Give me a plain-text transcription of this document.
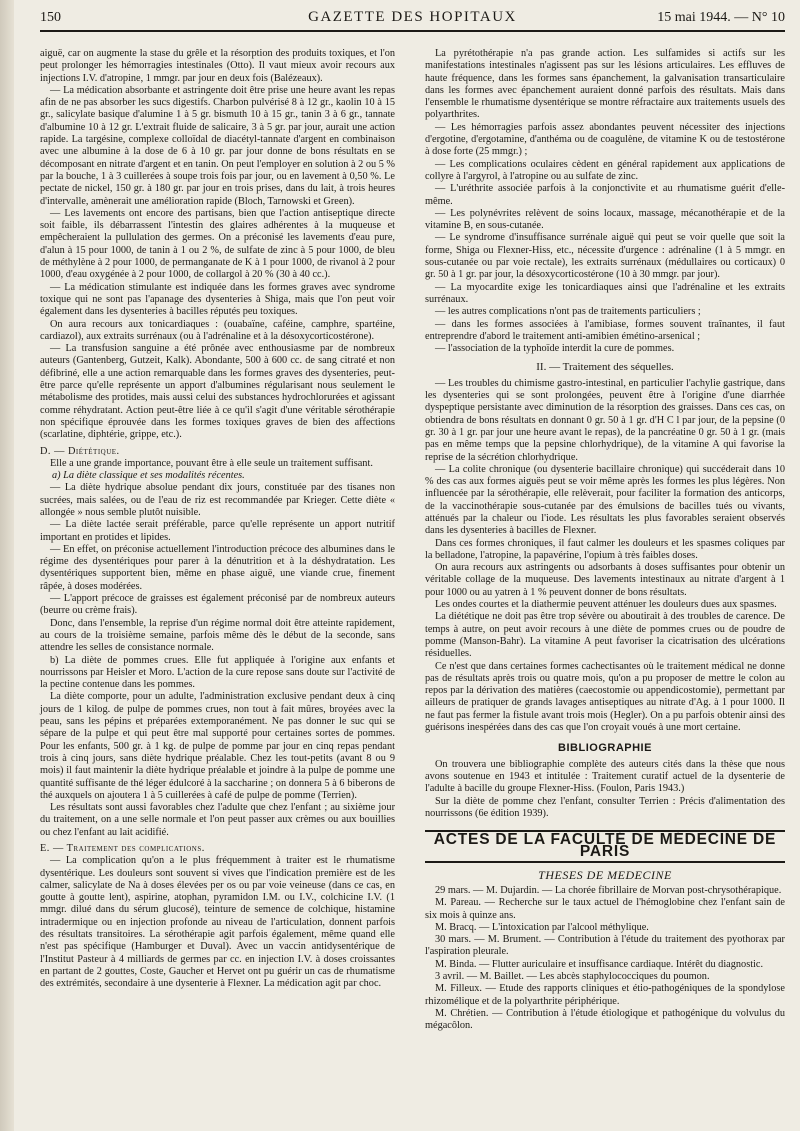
150	GAZETTE DES HOPITAUX	15 mai 1944. — N° 10

aiguë, car on augmente la stase du grêle et la résorption des produits toxiques, et l'on peut prolonger les hémorragies intestinales (Otto). Il vaut mieux avoir recours aux injections I.V. d'atropine, 1 mmgr. par jour en deux fois (Balézeaux).

— La médication absorbante et astringente doit être prise une heure avant les repas afin de ne pas absorber les sucs digestifs. Charbon pulvérisé 8 à 12 gr., kaolin 10 à 15 gr., salicylate basique d'alumine 1 à 5 gr. bismuth 10 à 15 gr., tanin 3 à 6 gr., tannate d'albumine 10 à 12 gr. L'extrait fluide de salicaire, 3 à 5 gr. par jour, aurait une action rapide. La targésine, complexe colloïdal de diacétyl-tannate d'argent en combinaison avec une albumine à la dose de 6 à 10 gr. par jour donne de bons résultats en se décomposant en nitrate d'argent et en tanin. On peut l'employer en solution à 2 ou 5 % par la bouche, 1 à 3 cuillerées à soupe trois fois par jour, ou en lavement à 0,50 %. Le pectate de nickel, 150 gr. à 180 gr. par jour en trois prises, dans du lait, à trois heures d'intervalle, amènerait une amélioration rapide (Bloch, Tarnowski et Green).

— Les lavements ont encore des partisans, bien que l'action antiseptique directe soit faible, ils débarrassent l'intestin des glaires adhérentes à la muqueuse et empêcheraient la pullulation des germes. On a préconisé les lavements d'eau pure, d'alun à 15 pour 1000, de tanin à 1 ou 2 %, de sulfate de zinc à 5 pour 1000, de bleu de méthylène à 2 pour 1000, de permanganate de K à 1 pour 1000, de rivanol à 2 pour 1000, d'eau oxygénée à 2 pour 1000, de collargol à 20 % (30 à 40 cc.).

— La médication stimulante est indiquée dans les formes graves avec syndrome toxique qui ne sont pas l'apanage des dysenteries à Shiga, mais que l'on peut voir également dans les dysenteries à bacilles réputés peu toxiques.

On aura recours aux tonicardiaques : (ouabaïne, caféine, camphre, spartéine, cardiazol), aux extraits surrénaux (ou à l'adrénaline et à la désoxycorticostérone).

— La transfusion sanguine a été prônée avec enthousiasme par de nombreux auteurs (Gantenberg, Gutzeit, Kalk). Abondante, 500 à 600 cc. de sang citraté et non défibriné, elle a une action remarquable dans les formes graves des dysenteries, peut-être parce qu'elle représente un apport d'albumines régularisant nous seulement le métabolisme des protides, mais aussi celui des substances hydrochlorurées et agissant comme réhydratant. Action peut-être liée à ce qu'il s'agit d'une véritable sérothérapie non spécifique éprouvée dans les formes toxiques graves de bien des affections (scarlatine, diphtérie, grippe, etc.).

D. — Diététique.

Elle a une grande importance, pouvant être à elle seule un traitement suffisant.

a) La diète classique et ses modalités récentes.

— La diète hydrique absolue pendant dix jours, constituée par des tisanes non sucrées, mais salées, ou de l'eau de riz est recommandée par Krieger. Cette diète « allongée » nous semble plutôt nuisible.

— La diète lactée serait préférable, parce qu'elle représente un apport nutritif important en protides et lipides.

— En effet, on préconise actuellement l'introduction précoce des albumines dans le régime des dysentériques pour parer à la dénutrition et à la déshydratation. Les dysentériques supportent bien, même en phase aiguë, une viande crue, finement râpée, à doses modérées.

— L'apport précoce de graisses est également préconisé par de nombreux auteurs (beurre ou crème frais).

Donc, dans l'ensemble, la reprise d'un régime normal doit être atteinte rapidement, au cours de la troisième semaine, parfois même dès le début de la seconde, sans attendre les selles de consistance normale.

b) La diète de pommes crues. Elle fut appliquée à l'origine aux enfants et nourrissons par Heisler et Moro. L'action de la cure repose sans doute sur l'activité de la pectine contenue dans les pommes.

La diète comporte, pour un adulte, l'administration exclusive pendant deux à cinq jours de 1 kilog. de pulpe de pommes crues, non tout à fait mûres, broyées avec la peau, sans les pépins et préparées extemporanément. Ne pas donner le suc qui se sépare de la pulpe et qui peut être mal supporté pour certaines sortes de pommes. Pour les enfants, 500 gr. à 1 kg. de pulpe de pomme par jour en cinq repas pendant trois à cinq jours, sans diète hydrique préalable. Chez les tout-petits (avant 8 ou 9 mois) il faut maintenir la diète hydrique préalable et joindre à la pulpe de pomme une quantité suffisante de thé léger édulcoré à la saccharine ; on donnera 5 à 6 biberons de thé auxquels on ajoutera 1 à 5 cuillerées à café de pulpe de pomme (Terrien).

Les résultats sont aussi favorables chez l'adulte que chez l'enfant ; au sixième jour du traitement, on a une selle normale et l'on peut passer aux crèmes ou aux bouillies ou chez l'enfant au lait acidifié.

E. — Traitement des complications.

— La complication qu'on a le plus fréquemment à traiter est le rhumatisme dysentérique. Les douleurs sont souvent si vives que l'indication première est de les calmer, salicylate de Na à doses élevées per os ou par voie veineuse (dans ce cas, en goutte à goutte lent), aspirine, atophan, pyramidon I.M. ou I.V., colchicine I.V. (1 mmgr. dilué dans du sérum glucosé), teinture de semence de colchique, histamine intradermique ou en injection profonde au niveau de l'articulation, donnent parfois des résultats transitoires. La sérothérapie agit parfois également, même quand elle n'est pas spécifique (Hamburger et Duval). Avec un vaccin antidysentérique de l'Institut Pasteur à 4 milliards de germes par cc. en injection I.V. à doses croissantes en partant de 2 gouttes, Coste, Gaucher et Hervet ont pu guérir un cas de rhumatisme des extrémités, secondaire à une dysenterie à Flexner. La médication agit par choc.

La pyrétothérapie n'a pas grande action. Les sulfamides si actifs sur les manifestations intestinales n'agissent pas sur les lésions articulaires. Les effluves de haute fréquence, dans les formes sans épanchement, la galvanisation transarticulaire dans les formes avec épanchement auraient donné parfois des résultats. Mais dans l'ensemble le rhumatisme dysentérique se montre réfractaire aux traitements usuels des polyarthrites.

— Les hémorragies parfois assez abondantes peuvent nécessiter des injections d'ergotine, d'ergotamine, d'anthéma ou de coagulène, de vitamine K ou de testostérone à dose forte (25 mmgr.) ;

— Les complications oculaires cèdent en général rapidement aux applications de collyre à l'argyrol, à l'atropine ou au sulfate de zinc.

— L'uréthrite associée parfois à la conjonctivite et au rhumatisme guérit d'elle-même.

— Les polynévrites relèvent de soins locaux, massage, mécanothérapie et de la vitamine B, en sous-cutanée.

— Le syndrome d'insuffisance surrénale aiguë qui peut se voir quelle que soit la forme, Shiga ou Flexner-Hiss, etc., nécessite d'urgence : adrénaline (1 à 5 mmgr. en sous-cutanée ou par voie rectale), les extraits surrénaux (médullaires ou corticaux) 0 gr. 50 à 1 gr. par jour, la désoxycorticostérone (10 à 30 mmgr. par jour).

— La myocardite exige les tonicardiaques ainsi que l'adrénaline et les extraits surrénaux.

— les autres complications n'ont pas de traitements particuliers ;

— dans les formes associées à l'amibiase, formes souvent traînantes, il faut entreprendre d'abord le traitement anti-amibien émétino-arsenical ;

— l'association de la typhoïde interdit la cure de pommes.

II. — Traitement des séquelles.

— Les troubles du chimisme gastro-intestinal, en particulier l'achylie gastrique, dans les dysenteries qui se sont prolongées, peuvent être à l'origine d'une diarrhée dyspeptique persistante avec diminution de la résorption des graisses. Dans ces cas, on obtiendra de bons résultats en donnant 0 gr. 50 à 1 gr. d'H C l par jour, de la pepsine (0 gr. 30 à 1 gr. par jour une heure avant le repas), de la pancréatine 0 gr. 50 à 1 gr. (mais pas en même temps que la pepsine chlorhydrique), de la vitamine A qui favorise la reprise de la sécrétion chlorhydrique.

— La colite chronique (ou dysenterie bacillaire chronique) qui succéderait dans 10 % des cas aux formes aiguës peut se voir même après les formes les plus légères. Non influencée par la sérothérapie, elle relèverait, pour faciliter la formation des anticorps, de la vaccinothérapie sous-cutanée par des émulsions de bacilles tués ou vivants, atténués par la chaleur ou l'iode. Les résultats les plus favorables seraient observés dans les dysenteries à bacilles de Flexner.

Dans ces formes chroniques, il faut calmer les douleurs et les spasmes coliques par la belladone, l'atropine, la papavérine, l'opium à très faibles doses.

On aura recours aux astringents ou adsorbants à doses suffisantes pour obtenir un véritable collage de la muqueuse. Des lavements intestinaux au nitrate d'argent à 1 pour 1000 ou au yatren à 1 % peuvent donner de bons résultats.

Les ondes courtes et la diathermie peuvent atténuer les douleurs dues aux spasmes.

La diététique ne doit pas être trop sévère ou aboutirait à des troubles de carence. De temps à autre, on peut avoir recours à une diète de pommes crues ou de poudre de pomme (Manson-Bahr). La vitamine A peut favoriser la cicatrisation des ulcérations résiduelles.

Ce n'est que dans certaines formes cachectisantes où le traitement médical ne donne pas de résultats après trois ou quatre mois, qu'on a pu proposer de mettre le colon au repos par la dérivation des matières (caecostomie ou appendicostomie), permettant par ailleurs de pratiquer de grands lavages antiseptiques au nitrate d'Ag. à 1 pour 1000. Il ne faut pas fermer la fistule avant trois mois (Hegler). On a pu parfois obtenir ainsi des guérisons inespérées dans des cas que l'on croyait voués à une mort certaine.

BIBLIOGRAPHIE

On trouvera une bibliographie complète des auteurs cités dans la thèse que nous avons soutenue en 1943 et intitulée : Traitement curatif actuel de la dysenterie de l'adulte à bacille du groupe Flexner-Hiss. (Foulon, Paris 1943.)

Sur la diète de pomme chez l'enfant, consulter Terrien : Précis d'alimentation des nourrissons (6e édition 1939).

ACTES DE LA FACULTÉ DE MÉDECINE DE PARIS
THESES DE MEDECINE

29 mars. — M. Dujardin. — La chorée fibrillaire de Morvan post-chrysothérapique.

M. Pareau. — Recherche sur le taux actuel de l'hémoglobine chez l'enfant sain de six mois à quinze ans.

M. Bracq. — L'intoxication par l'alcool méthylique.

30 mars. — M. Brument. — Contribution à l'étude du traitement des pyothorax par l'aspiration pleurale.

M. Binda. — Flutter auriculaire et insuffisance cardiaque. Intérêt du diagnostic.

3 avril. — M. Baillet. — Les abcès staphylococciques du poumon.

M. Filleux. — Etude des rapports cliniques et étio-pathogéniques de la spondylose rhizomélique et de la polyarthrite périphérique.

M. Chrétien. — Contribution à l'étude étiologique et pathogénique du volvulus du mégacôlon.
